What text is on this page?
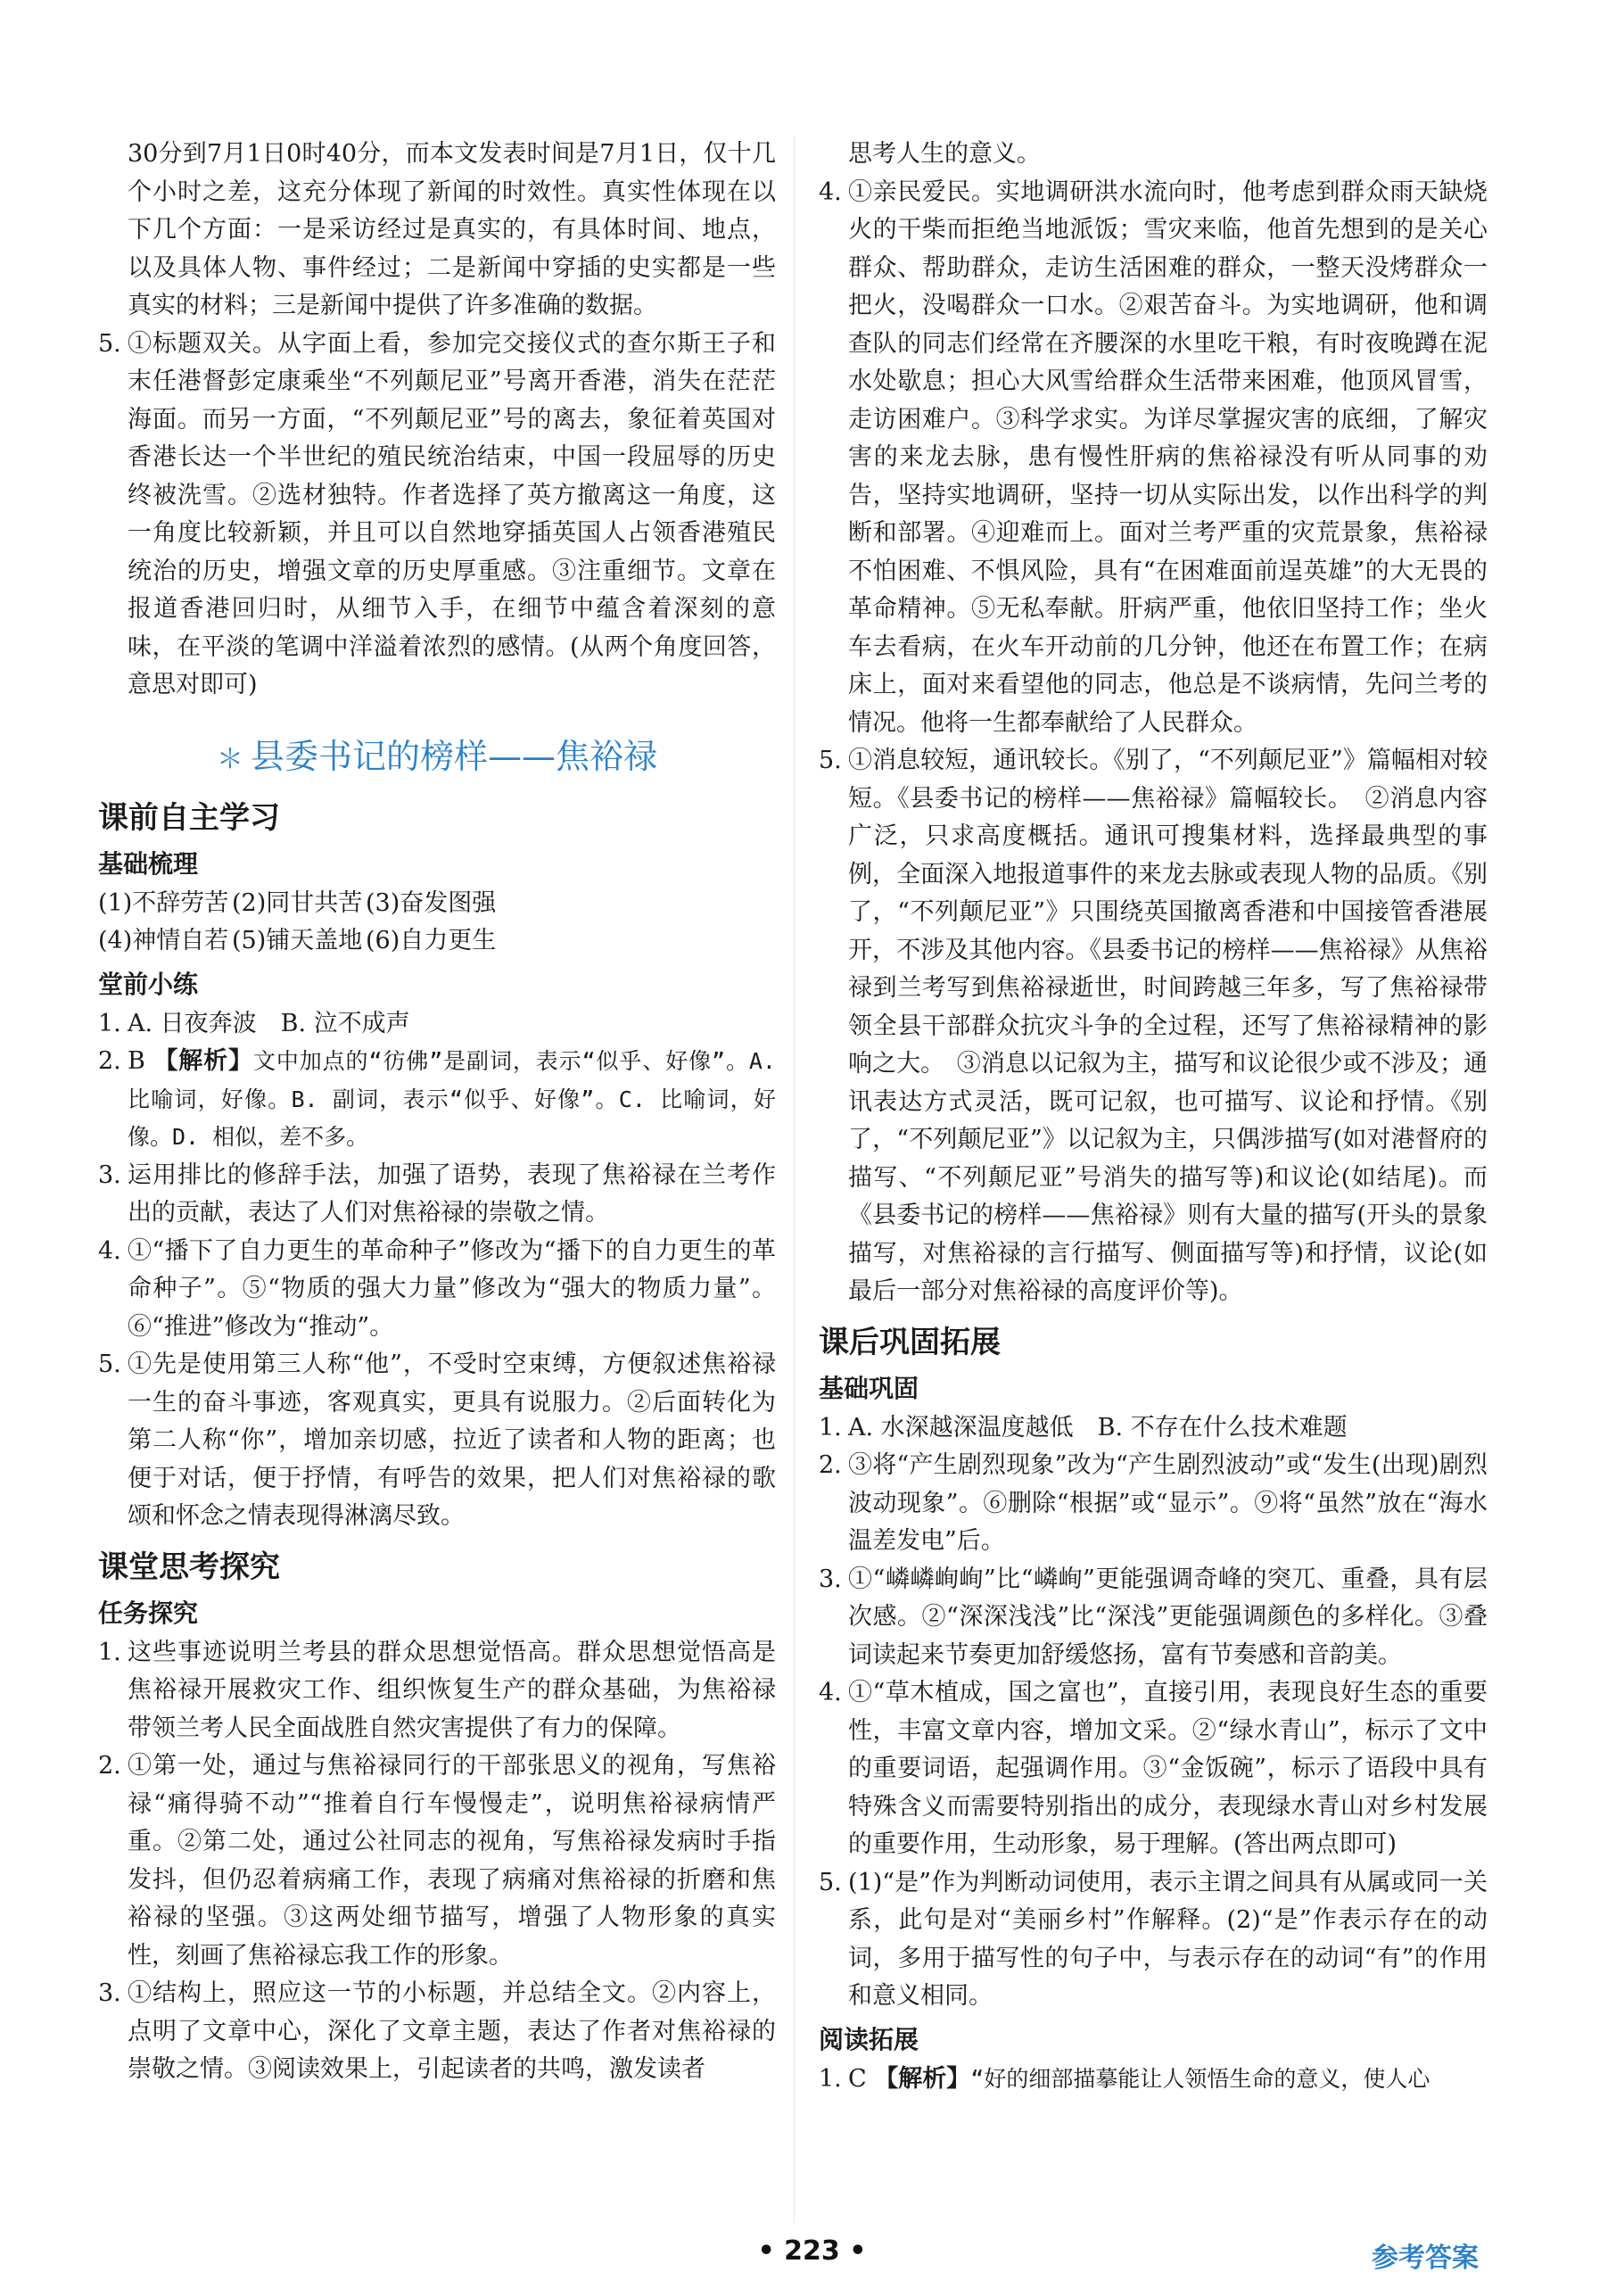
30分到7月1日0时40分，而本文发表时间是7月1日，仅十几个小时之差，这充分体现了新闻的时效性。真实性体现在以下几个方面：一是采访经过是真实的，有具体时间、地点，以及具体人物、事件经过；二是新闻中穿插的史实都是一些真实的材料；三是新闻中提供了许多准确的数据。

5. ①标题双关。从字面上看，参加完交接仪式的查尔斯王子和末任港督彭定康乘坐“不列颠尼亚”号离开香港，消失在茫茫海面。而另一方面，“不列颠尼亚”号的离去，象征着英国对香港长达一个半世纪的殖民统治结束，中国一段屈辱的历史终被洗雪。②选材独特。作者选择了英方撤离这一角度，这一角度比较新颖，并且可以自然地穿插英国人占领香港殖民统治的历史，增强文章的历史厚重感。③注重细节。文章在报道香港回归时，从细节入手，在细节中蕴含着深刻的意味，在平淡的笔调中洋溢着浓烈的感情。(从两个角度回答，意思对即可)
＊ 县委书记的榜样——焦裕禄
课前自主学习
基础梳理
(1)不辞劳苦 (2)同甘共苦 (3)奋发图强
(4)神情自若 (5)铺天盖地 (6)自力更生
堂前小练
1. A. 日夜奔波　B. 泣不成声
2. B 【解析】文中加点的“彷佛”是副词，表示“似乎、好像”。A. 比喻词，好像。B. 副词，表示“似乎、好像”。C. 比喻词，好像。D. 相似，差不多。
3. 运用排比的修辞手法，加强了语势，表现了焦裕禄在兰考作出的贡献，表达了人们对焦裕禄的崇敬之情。
4. ①“播下了自力更生的革命种子”修改为“播下的自力更生的革命种子”。⑤“物质的强大力量”修改为“强大的物质力量”。⑥“推进”修改为“推动”。
5. ①先是使用第三人称“他”，不受时空束缚，方便叙述焦裕禄一生的奋斗事迹，客观真实，更具有说服力。②后面转化为第二人称“你”，增加亲切感，拉近了读者和人物的距离；也便于对话，便于抒情，有呼告的效果，把人们对焦裕禄的歌颂和怀念之情表现得淋漓尽致。
课堂思考探究
任务探究
1. 这些事迹说明兰考县的群众思想觉悟高。群众思想觉悟高是焦裕禄开展救灾工作、组织恢复生产的群众基础，为焦裕禄带领兰考人民全面战胜自然灾害提供了有力的保障。
2. ①第一处，通过与焦裕禄同行的干部张思义的视角，写焦裕禄“痛得骑不动”“推着自行车慢慢走”，说明焦裕禄病情严重。②第二处，通过公社同志的视角，写焦裕禄发病时手指发抖，但仍忍着病痛工作，表现了病痛对焦裕禄的折磨和焦裕禄的坚强。③这两处细节描写，增强了人物形象的真实性，刻画了焦裕禄忘我工作的形象。
3. ①结构上，照应这一节的小标题，并总结全文。②内容上，点明了文章中心，深化了文章主题，表达了作者对焦裕禄的崇敬之情。③阅读效果上，引起读者的共鸣，激发读者

思考人生的意义。

4. ①亲民爱民。实地调研洪水流向时，他考虑到群众雨天缺烧火的干柴而拒绝当地派饭；雪灾来临，他首先想到的是关心群众、帮助群众，走访生活困难的群众，一整天没烤群众一把火，没喝群众一口水。②艰苦奋斗。为实地调研，他和调查队的同志们经常在齐腰深的水里吃干粮，有时夜晚蹲在泥水处歇息；担心大风雪给群众生活带来困难，他顶风冒雪，走访困难户。③科学求实。为详尽掌握灾害的底细，了解灾害的来龙去脉，患有慢性肝病的焦裕禄没有听从同事的劝告，坚持实地调研，坚持一切从实际出发，以作出科学的判断和部署。④迎难而上。面对兰考严重的灾荒景象，焦裕禄不怕困难、不惧风险，具有“在困难面前逞英雄”的大无畏的革命精神。⑤无私奉献。肝病严重，他依旧坚持工作；坐火车去看病，在火车开动前的几分钟，他还在布置工作；在病床上，面对来看望他的同志，他总是不谈病情，先问兰考的情况。他将一生都奉献给了人民群众。
5. ①消息较短，通讯较长。《别了，“不列颠尼亚”》篇幅相对较短。《县委书记的榜样——焦裕禄》篇幅较长。　②消息内容广泛，只求高度概括。通讯可搜集材料，选择最典型的事例，全面深入地报道事件的来龙去脉或表现人物的品质。《别了，“不列颠尼亚”》只围绕英国撤离香港和中国接管香港展开，不涉及其他内容。《县委书记的榜样——焦裕禄》从焦裕禄到兰考写到焦裕禄逝世，时间跨越三年多，写了焦裕禄带领全县干部群众抗灾斗争的全过程，还写了焦裕禄精神的影响之大。　③消息以记叙为主，描写和议论很少或不涉及；通讯表达方式灵活，既可记叙，也可描写、议论和抒情。《别了，“不列颠尼亚”》以记叙为主，只偶涉描写(如对港督府的描写、“不列颠尼亚”号消失的描写等)和议论(如结尾)。而《县委书记的榜样——焦裕禄》则有大量的描写(开头的景象描写，对焦裕禄的言行描写、侧面描写等)和抒情，议论(如最后一部分对焦裕禄的高度评价等)。
课后巩固拓展
基础巩固
1. A. 水深越深温度越低　B. 不存在什么技术难题
2. ③将“产生剧烈现象”改为“产生剧烈波动”或“发生(出现)剧烈波动现象”。⑥删除“根据”或“显示”。⑨将“虽然”放在“海水温差发电”后。
3. ①“嶙嶙峋峋”比“嶙峋”更能强调奇峰的突兀、重叠，具有层次感。②“深深浅浅”比“深浅”更能强调颜色的多样化。③叠词读起来节奏更加舒缓悠扬，富有节奏感和音韵美。
4. ①“草木植成，国之富也”，直接引用，表现良好生态的重要性，丰富文章内容，增加文采。②“绿水青山”，标示了文中的重要词语，起强调作用。③“金饭碗”，标示了语段中具有特殊含义而需要特别指出的成分，表现绿水青山对乡村发展的重要作用，生动形象，易于理解。(答出两点即可)
5. (1)“是”作为判断动词使用，表示主谓之间具有从属或同一关系，此句是对“美丽乡村”作解释。(2)“是”作表示存在的动词，多用于描写性的句子中，与表示存在的动词“有”的作用和意义相同。
阅读拓展
1. C 【解析】“好的细部描摹能让人领悟生命的意义，使人心
• 223 •	参考答案
